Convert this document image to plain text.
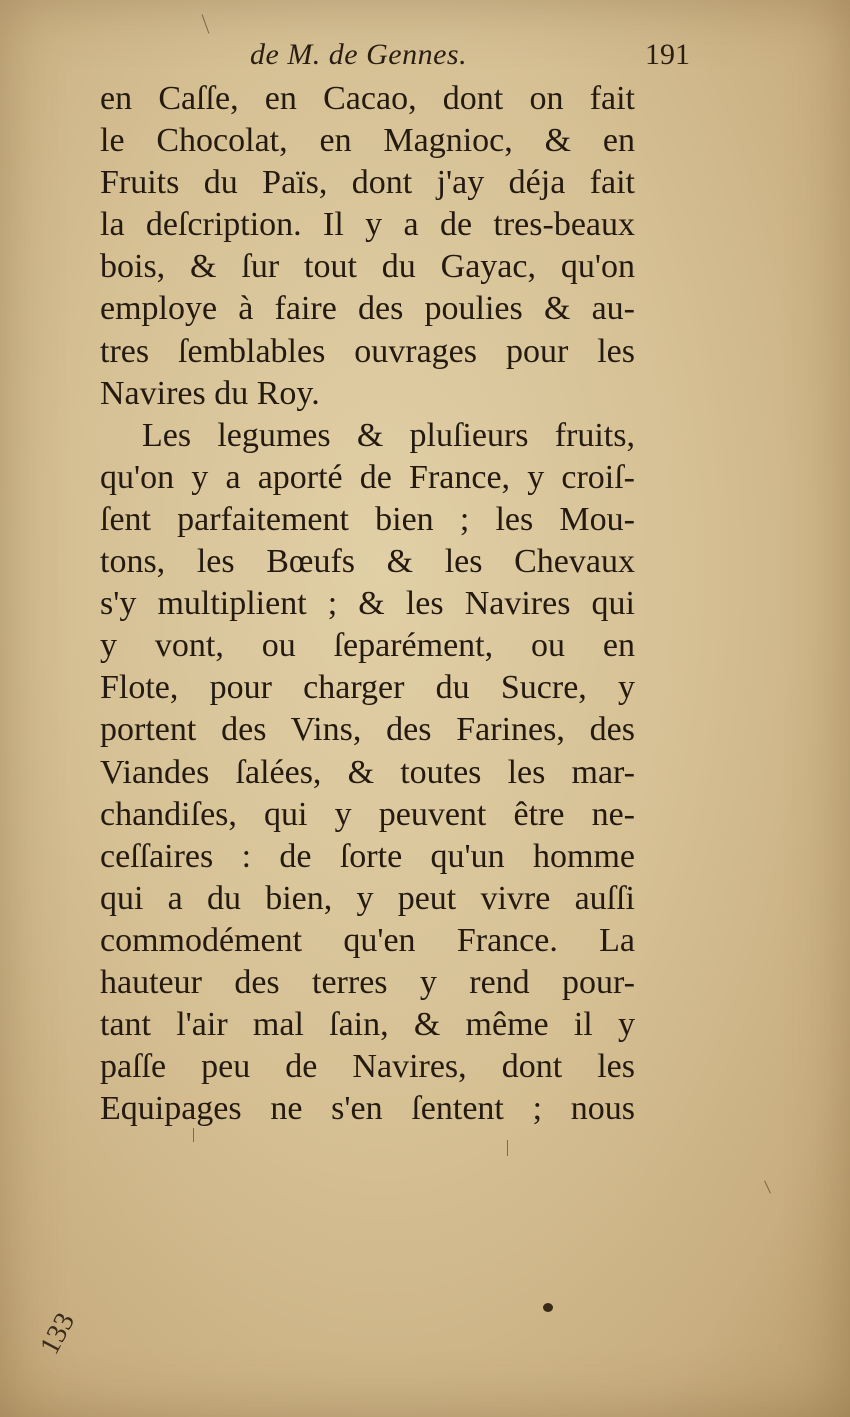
de M. de Gennes.	191
en Caſſe, en Cacao, dont on fait
le Chocolat, en Magnioc, & en
Fruits du Païs, dont j'ay déja fait
la deſcription. Il y a de tres-beaux
bois, & ſur tout du Gayac, qu'on
employe à faire des poulies & au-
tres ſemblables ouvrages pour les
Navires du Roy.
Les legumes & pluſieurs fruits,
qu'on y a aporté de France, y croiſ-
ſent parfaitement bien ; les Mou-
tons, les Bœufs & les Chevaux
s'y multiplient ; & les Navires qui
y vont, ou ſeparément, ou en
Flote, pour charger du Sucre, y
portent des Vins, des Farines, des
Viandes ſalées, & toutes les mar-
chandiſes, qui y peuvent être ne-
ceſſaires : de ſorte qu'un homme
qui a du bien, y peut vivre auſſi
commodément qu'en France. La
hauteur des terres y rend pour-
tant l'air mal ſain, & même il y
paſſe peu de Navires, dont les
Equipages ne s'en ſentent ; nous
133
